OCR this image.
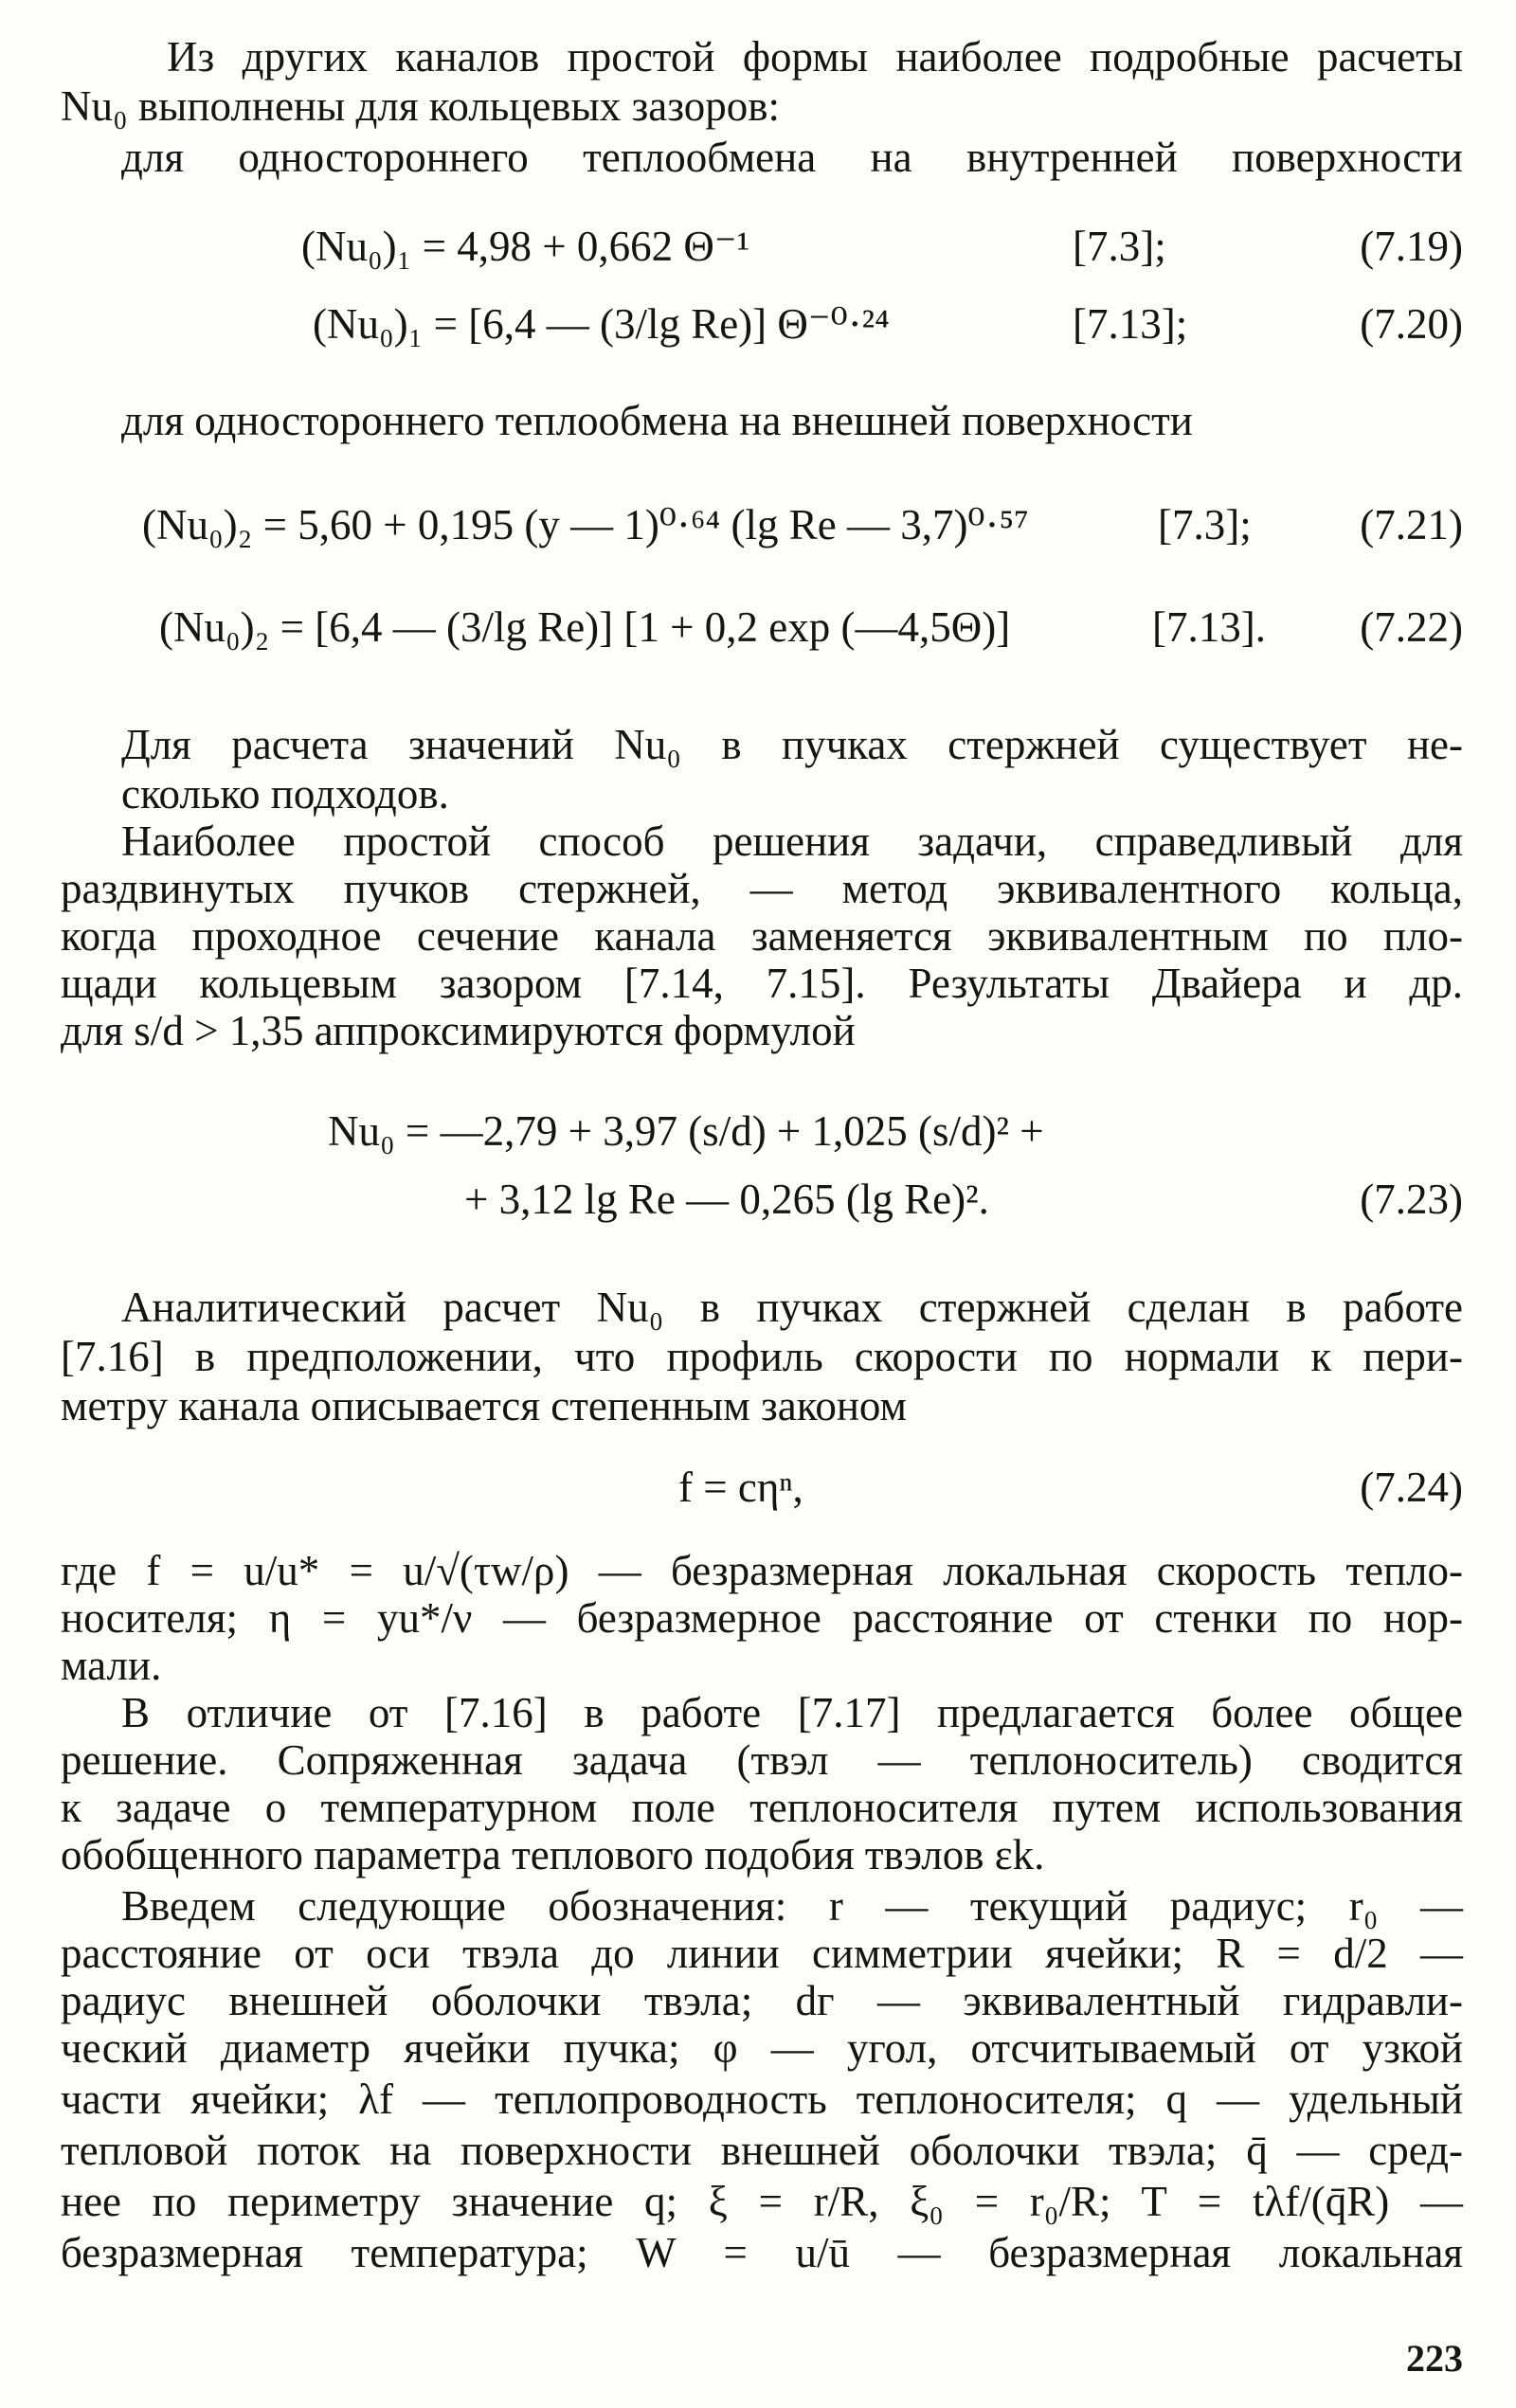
Из других каналов простой формы наиболее подробные расчеты
Nu₀ выполнены для кольцевых зазоров:
для одностороннего теплообмена на внутренней поверхности
(Nu₀)₁ = 4,98 + 0,662 Θ⁻¹	[7.3];	(7.19)
(Nu₀)₁ = [6,4 — (3/lg Re)] Θ⁻⁰·²⁴	[7.13];	(7.20)
для одностороннего теплообмена на внешней поверхности
(Nu₀)₂ = 5,60 + 0,195 (y — 1)⁰·⁶⁴ (lg Re — 3,7)⁰·⁵⁷	[7.3];	(7.21)
(Nu₀)₂ = [6,4 — (3/lg Re)] [1 + 0,2 exp (—4,5Θ)]	[7.13]. (7.22)
Для расчета значений Nu₀ в пучках стержней существует не-
сколько подходов.
Наиболее простой способ решения задачи, справедливый для
раздвинутых пучков стержней, — метод эквивалентного кольца,
когда проходное сечение канала заменяется эквивалентным по пло-
щади кольцевым зазором [7.14, 7.15]. Результаты Двайера и др.
для s/d > 1,35 аппроксимируются формулой
Nu₀ = —2,79 + 3,97 (s/d) + 1,025 (s/d)² +
+ 3,12 lg Re — 0,265 (lg Re)².	(7.23)
Аналитический расчет Nu₀ в пучках стержней сделан в работе
[7.16] в предположении, что профиль скорости по нормали к пери-
метру канала описывается степенным законом
f = cηⁿ,	(7.24)
где f = u/u* = u/√(τw/ρ) — безразмерная локальная скорость тепло-
носителя; η = yu*/ν — безразмерное расстояние от стенки по нор-
мали.
В отличие от [7.16] в работе [7.17] предлагается более общее
решение. Сопряженная задача (твэл — теплоноситель) сводится
к задаче о температурном поле теплоносителя путем использования
обобщенного параметра теплового подобия твэлов εk.
Введем следующие обозначения: r — текущий радиус; r₀ —
расстояние от оси твэла до линии симметрии ячейки; R = d/2 —
радиус внешней оболочки твэла; dг — эквивалентный гидравли-
ческий диаметр ячейки пучка; φ — угол, отсчитываемый от узкой
части ячейки; λf — теплопроводность теплоносителя; q — удельный
тепловой поток на поверхности внешней оболочки твэла; q̄ — сред-
нее по периметру значение q; ξ = r/R, ξ₀ = r₀/R; T = tλf/(q̄R) —
безразмерная температура; W = u/ū — безразмерная локальная
223
